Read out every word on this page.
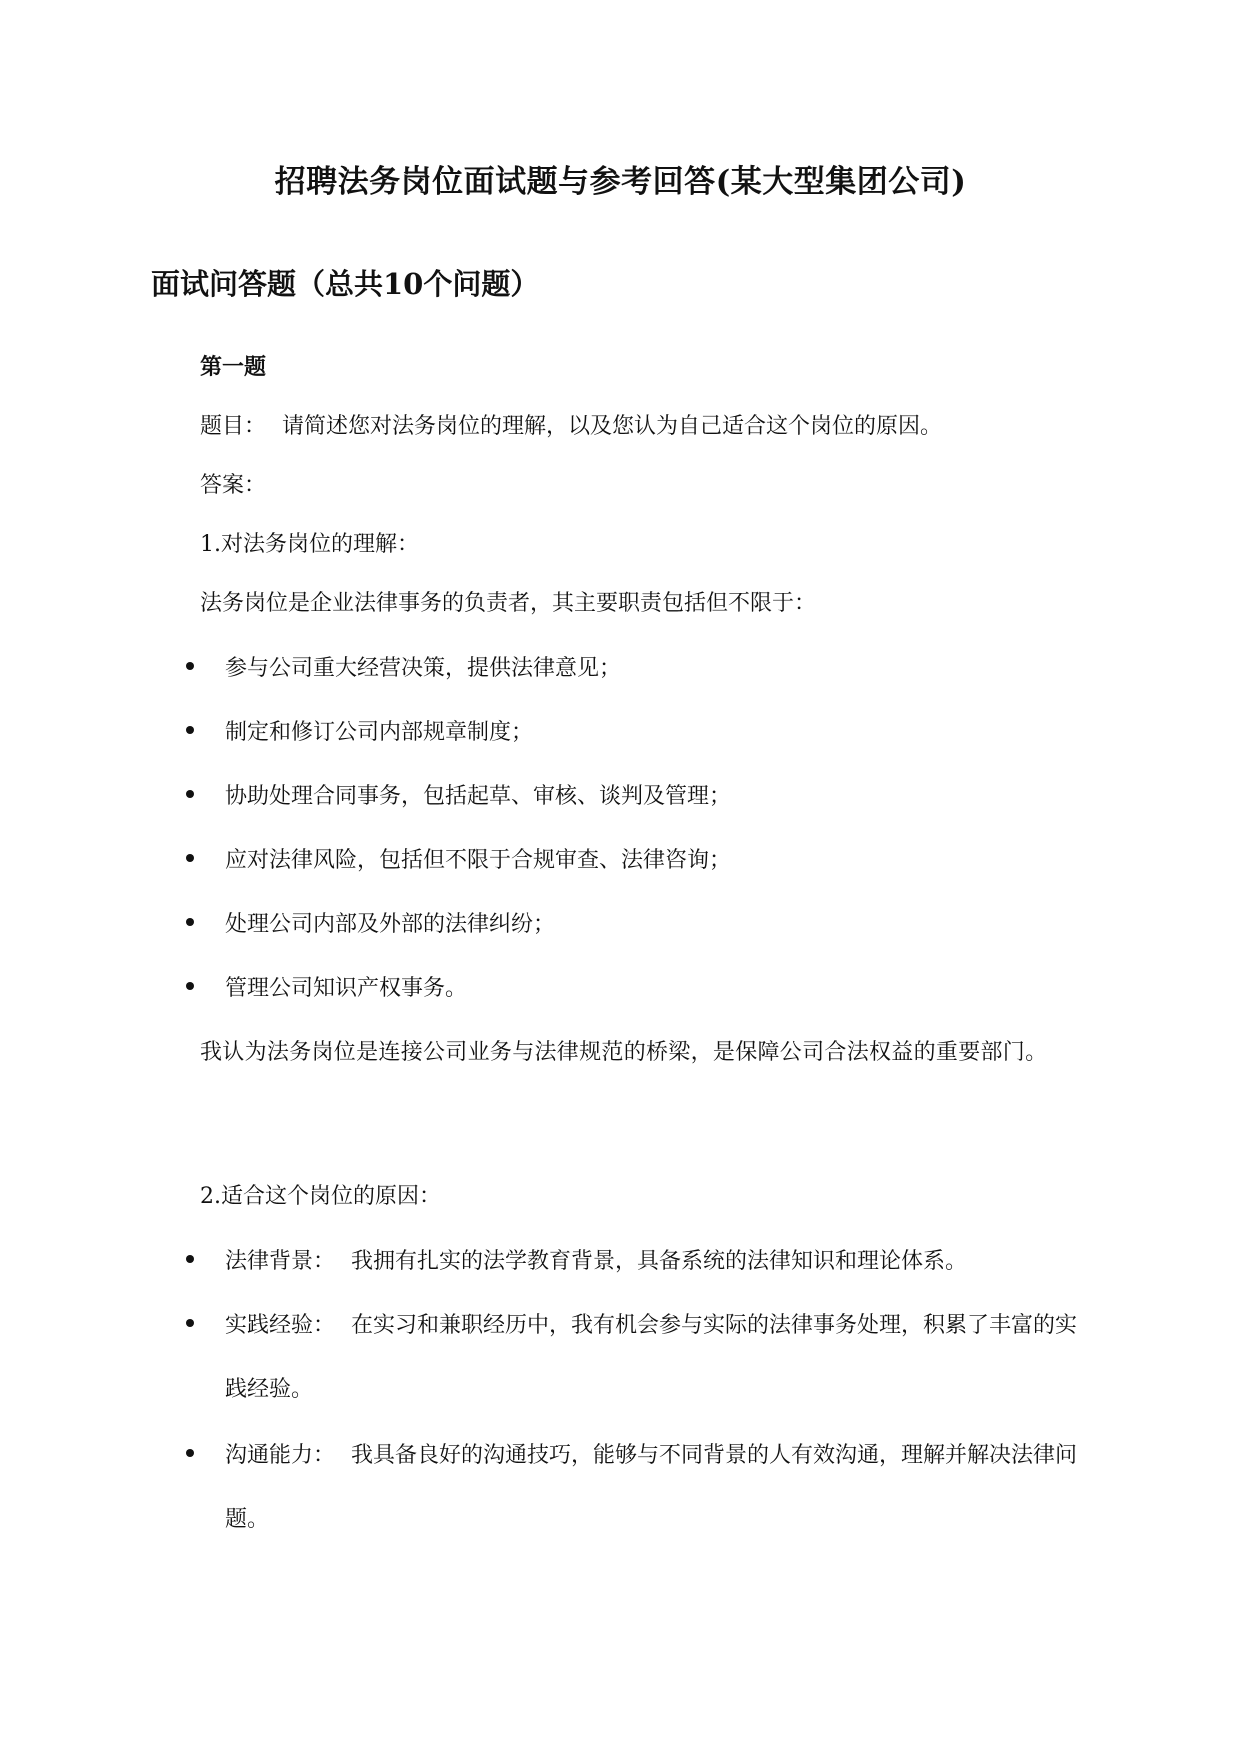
招聘法务岗位面试题与参考回答(某大型集团公司)
面试问答题（总共10个问题）
第一题
题目： 请简述您对法务岗位的理解，以及您认为自己适合这个岗位的原因。
答案：
1.对法务岗位的理解：
法务岗位是企业法律事务的负责者，其主要职责包括但不限于：
参与公司重大经营决策，提供法律意见；
制定和修订公司内部规章制度；
协助处理合同事务，包括起草、审核、谈判及管理；
应对法律风险，包括但不限于合规审查、法律咨询；
处理公司内部及外部的法律纠纷；
管理公司知识产权事务。
我认为法务岗位是连接公司业务与法律规范的桥梁，是保障公司合法权益的重要部门。
2.适合这个岗位的原因：
法律背景： 我拥有扎实的法学教育背景，具备系统的法律知识和理论体系。
实践经验： 在实习和兼职经历中，我有机会参与实际的法律事务处理，积累了丰富的实践经验。
沟通能力： 我具备良好的沟通技巧，能够与不同背景的人有效沟通，理解并解决法律问题。
